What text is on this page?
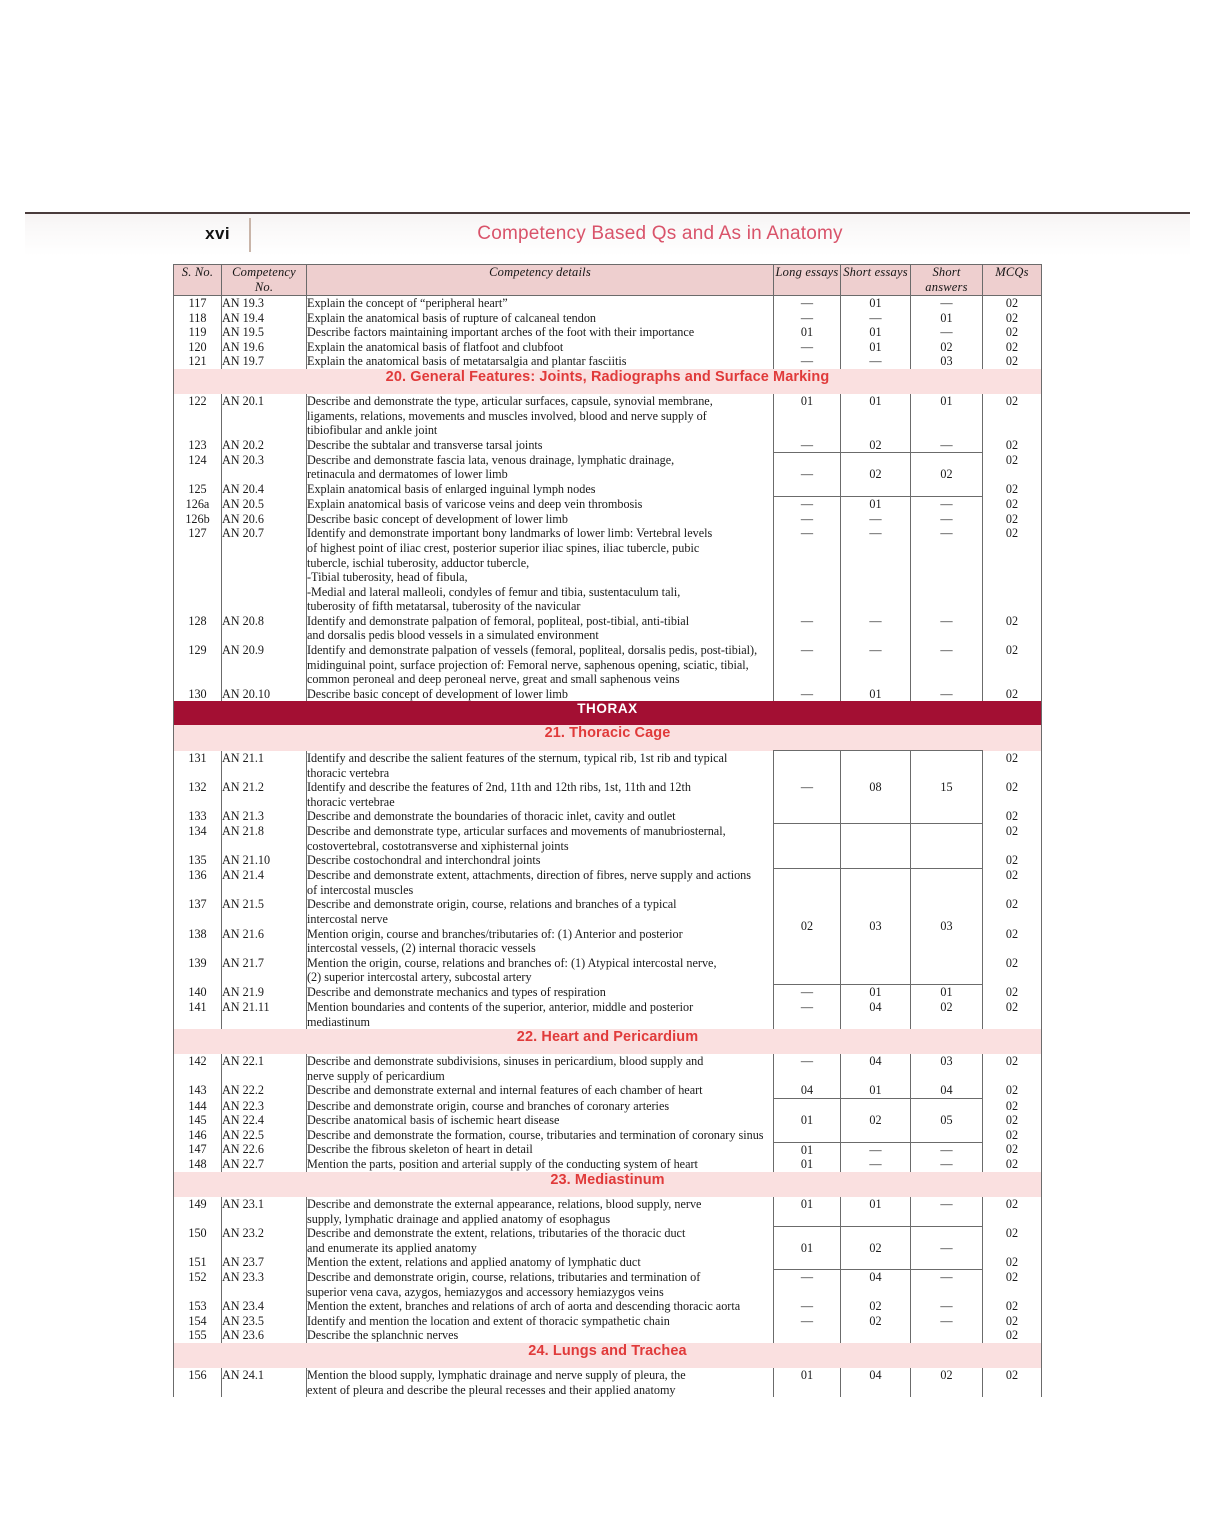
xvi	Competency Based Qs and As in Anatomy
S. No.	Competency No.	Competency details	Long essays	Short essays	Short answers	MCQs
117	AN 19.3	Explain the concept of “peripheral heart”	—	01	—	02
118	AN 19.4	Explain the anatomical basis of rupture of calcaneal tendon	—	—	01	02
119	AN 19.5	Describe factors maintaining important arches of the foot with their importance	01	01	—	02
120	AN 19.6	Explain the anatomical basis of flatfoot and clubfoot	—	01	02	02
121	AN 19.7	Explain the anatomical basis of metatarsalgia and plantar fasciitis	—	—	03	02
20. General Features: Joints, Radiographs and Surface Marking						
122	AN 20.1	Describe and demonstrate the type, articular surfaces, capsule, synovial membrane,
ligaments, relations, movements and muscles involved, blood and nerve supply of
tibiofibular and ankle joint	01	01	01	02
123	AN 20.2	Describe the subtalar and transverse tarsal joints	—	02	—	02
124	AN 20.3	Describe and demonstrate fascia lata, venous drainage, lymphatic drainage,
retinacula and dermatomes of lower limb	—	02	02	02
125	AN 20.4	Explain anatomical basis of enlarged inguinal lymph nodes				02
126a	AN 20.5	Explain anatomical basis of varicose veins and deep vein thrombosis	—	01	—	02
126b	AN 20.6	Describe basic concept of development of lower limb	—	—	—	02
127	AN 20.7	Identify and demonstrate important bony landmarks of lower limb: Vertebral levels
of highest point of iliac crest, posterior superior iliac spines, iliac tubercle, pubic
tubercle, ischial tuberosity, adductor tubercle,
-Tibial tuberosity, head of fibula,
-Medial and lateral malleoli, condyles of femur and tibia, sustentaculum tali,
tuberosity of fifth metatarsal, tuberosity of the navicular
	—	—	—	02
128	AN 20.8	Identify and demonstrate palpation of femoral, popliteal, post-tibial, anti-tibial
and dorsalis pedis blood vessels in a simulated environment	—	—	—	02
129	AN 20.9	Identify and demonstrate palpation of vessels (femoral, popliteal, dorsalis pedis, post-tibial),
midinguinal point, surface projection of: Femoral nerve, saphenous opening, sciatic, tibial,
common peroneal and deep peroneal nerve, great and small saphenous veins	—	—	—	02
130	AN 20.10	Describe basic concept of development of lower limb	—	01	—	02
THORAX						
21. Thoracic Cage						
131	AN 21.1	Identify and describe the salient features of the sternum, typical rib, 1st rib and typical
thoracic vertebra	—	08	15	02
132	AN 21.2	Identify and describe the features of 2nd, 11th and 12th ribs, 1st, 11th and 12th
thoracic vertebrae				02
133	AN 21.3	Describe and demonstrate the boundaries of thoracic inlet, cavity and outlet				02
134	AN 21.8	Describe and demonstrate type, articular surfaces and movements of manubriosternal,
costovertebral, costotransverse and xiphisternal joints				02
135	AN 21.10	Describe costochondral and interchondral joints				02
136	AN 21.4	Describe and demonstrate extent, attachments, direction of fibres, nerve supply and actions
of intercostal muscles	02	03	03	02
137	AN 21.5	Describe and demonstrate origin, course, relations and branches of a typical
intercostal nerve				02
138	AN 21.6	Mention origin, course and branches/tributaries of: (1) Anterior and posterior
intercostal vessels, (2) internal thoracic vessels				02
139	AN 21.7	Mention the origin, course, relations and branches of: (1) Atypical intercostal nerve,
(2) superior intercostal artery, subcostal artery				02
140	AN 21.9	Describe and demonstrate mechanics and types of respiration	—	01	01	02
141	AN 21.11	Mention boundaries and contents of the superior, anterior, middle and posterior
mediastinum	—	04	02	02
22. Heart and Pericardium						
142	AN 22.1	Describe and demonstrate subdivisions, sinuses in pericardium, blood supply and
nerve supply of pericardium	—	04	03	02
143	AN 22.2	Describe and demonstrate external and internal features of each chamber of heart	04	01	04	02
144	AN 22.3	Describe and demonstrate origin, course and branches of coronary arteries	01	02	05	02
145	AN 22.4	Describe anatomical basis of ischemic heart disease				02
146	AN 22.5	Describe and demonstrate the formation, course, tributaries and termination of coronary sinus				02
147	AN 22.6	Describe the fibrous skeleton of heart in detail	01	—	—	02
148	AN 22.7	Mention the parts, position and arterial supply of the conducting system of heart	01	—	—	02
23. Mediastinum						
149	AN 23.1	Describe and demonstrate the external appearance, relations, blood supply, nerve
supply, lymphatic drainage and applied anatomy of esophagus	01	01	—	02
150	AN 23.2	Describe and demonstrate the extent, relations, tributaries of the thoracic duct
and enumerate its applied anatomy	01	02	—	02
151	AN 23.7	Mention the extent, relations and applied anatomy of lymphatic duct				02
152	AN 23.3	Describe and demonstrate origin, course, relations, tributaries and termination of
superior vena cava, azygos, hemiazygos and accessory hemiazygos veins	—	04	—	02
153	AN 23.4	Mention the extent, branches and relations of arch of aorta and descending thoracic aorta	—	02	—	02
154	AN 23.5	Identify and mention the location and extent of thoracic sympathetic chain	—	02	—	02
155	AN 23.6	Describe the splanchnic nerves				02
24. Lungs and Trachea						
156	AN 24.1	Mention the blood supply, lymphatic drainage and nerve supply of pleura, the
extent of pleura and describe the pleural recesses and their applied anatomy	01	04	02	02
